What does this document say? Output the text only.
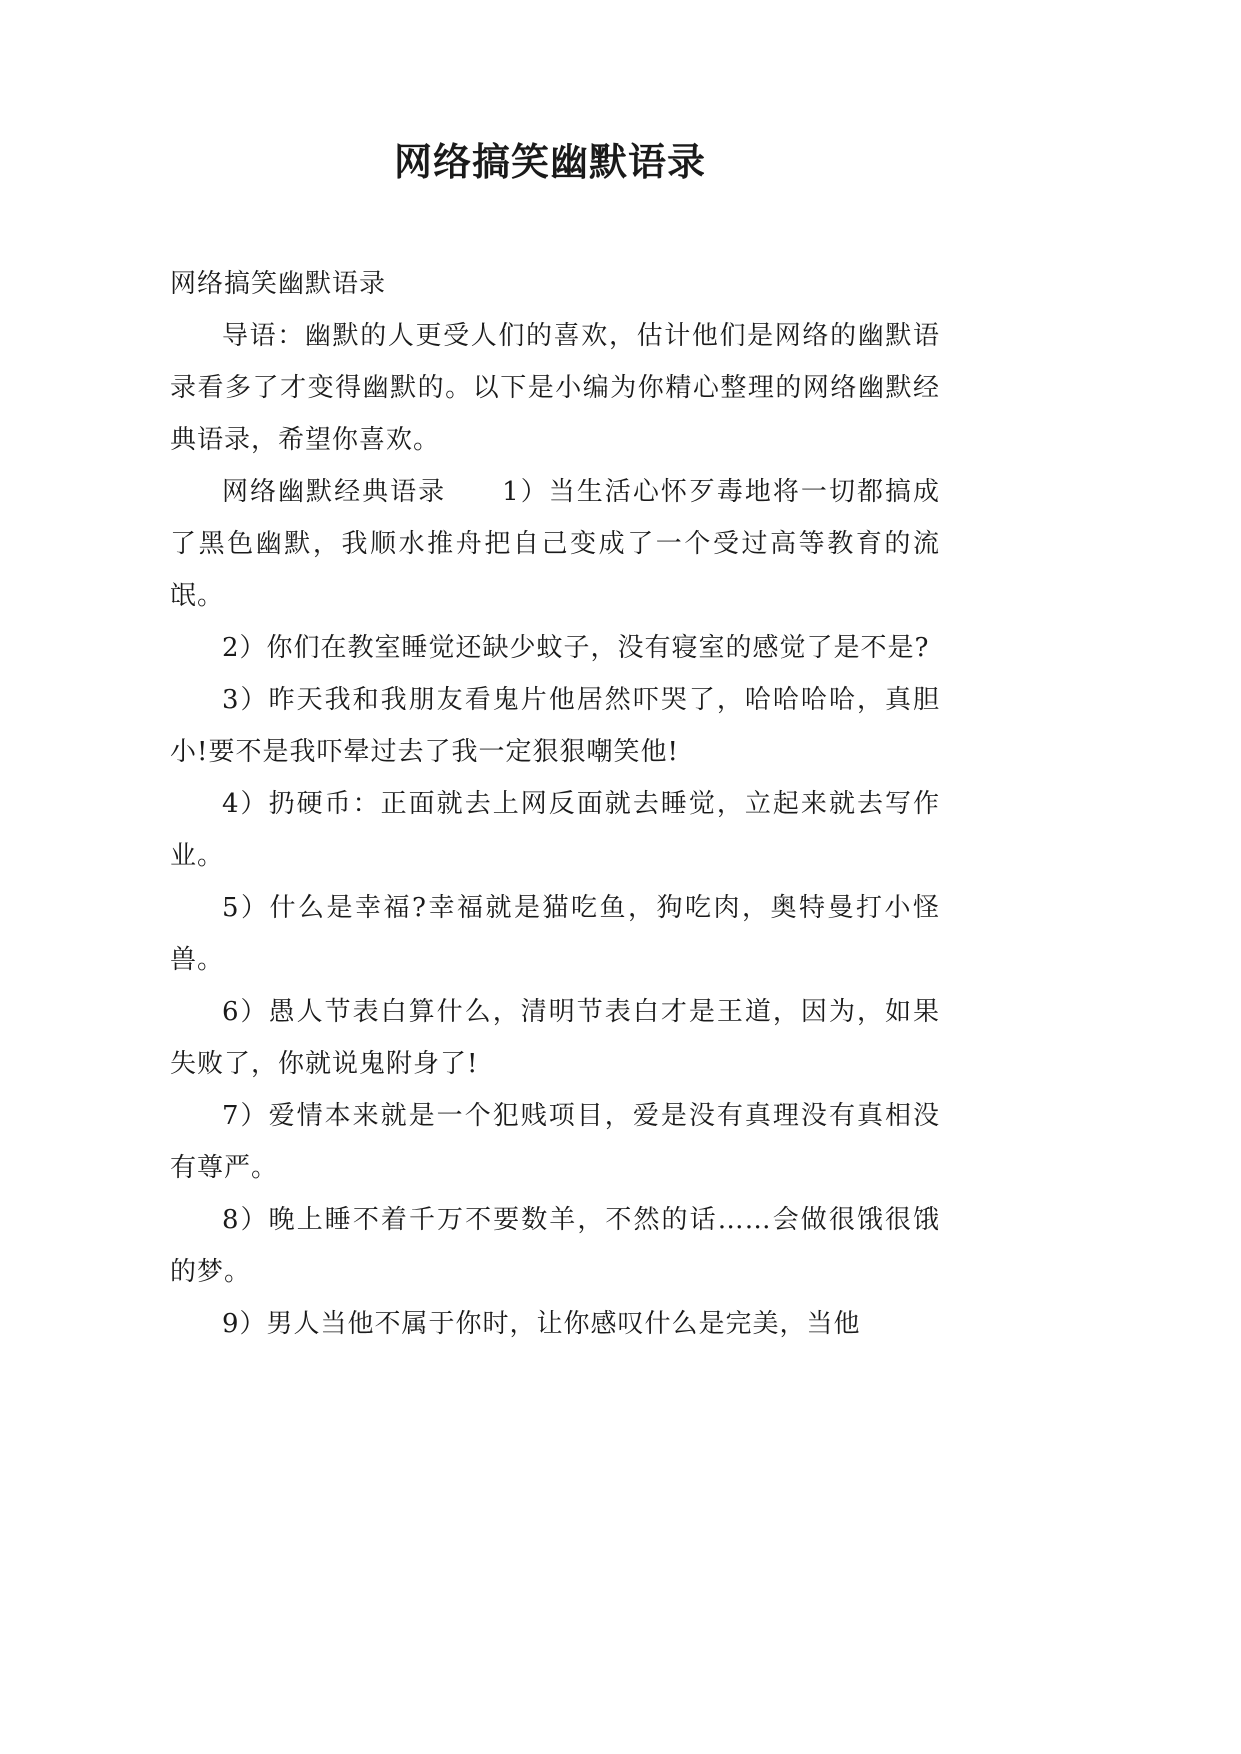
网络搞笑幽默语录

网络搞笑幽默语录

导语：幽默的人更受人们的喜欢，估计他们是网络的幽默语录看多了才变得幽默的。以下是小编为你精心整理的网络幽默经典语录，希望你喜欢。

网络幽默经典语录　　1）当生活心怀歹毒地将一切都搞成了黑色幽默，我顺水推舟把自己变成了一个受过高等教育的流氓。

2）你们在教室睡觉还缺少蚊子，没有寝室的感觉了是不是?

3）昨天我和我朋友看鬼片他居然吓哭了，哈哈哈哈，真胆小!要不是我吓晕过去了我一定狠狠嘲笑他!

4）扔硬币：正面就去上网反面就去睡觉，立起来就去写作业。

5）什么是幸福?幸福就是猫吃鱼，狗吃肉，奥特曼打小怪兽。

6）愚人节表白算什么，清明节表白才是王道，因为，如果失败了，你就说鬼附身了!

7）爱情本来就是一个犯贱项目，爱是没有真理没有真相没有尊严。

8）晚上睡不着千万不要数羊，不然的话……会做很饿很饿的梦。

9）男人当他不属于你时，让你感叹什么是完美，当他
